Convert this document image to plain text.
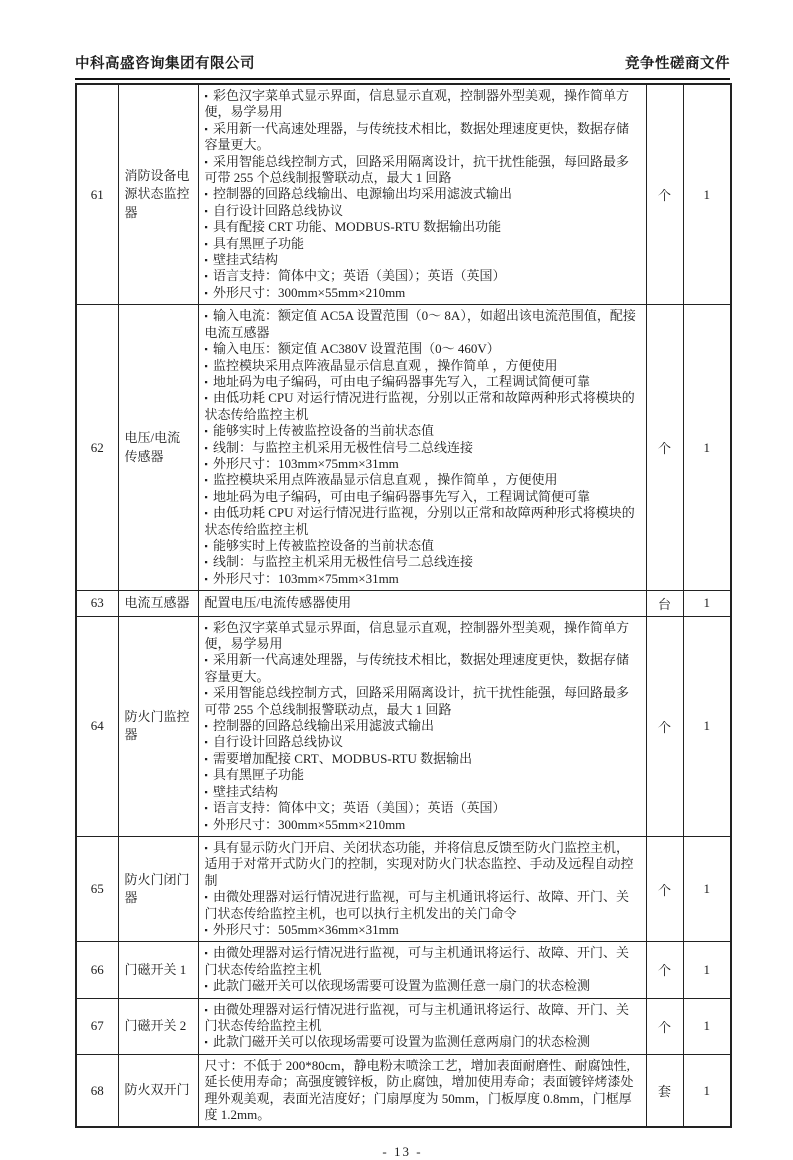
中科高盛咨询集团有限公司	竞争性磋商文件
61	消防设备电源状态监控器	
▪ 彩色汉字菜单式显示界面，信息显示直观，控制器外型美观，操作简单方便，易学易用
▪ 采用新一代高速处理器，与传统技术相比，数据处理速度更快，数据存储容量更大。
▪ 采用智能总线控制方式，回路采用隔离设计，抗干扰性能强，每回路最多可带 255 个总线制报警联动点，最大 1 回路
▪ 控制器的回路总线输出、电源输出均采用滤波式输出
▪ 自行设计回路总线协议
▪ 具有配接 CRT 功能、MODBUS-RTU 数据输出功能
▪ 具有黑匣子功能
▪ 壁挂式结构
▪ 语言支持：简体中文；英语（美国）；英语（英国）
▪ 外形尺寸：300mm×55mm×210mm
	个	1
62	电压/电流传感器	
▪ 输入电流：额定值 AC5A 设置范围（0～ 8A），如超出该电流范围值，配接电流互感器
▪ 输入电压：额定值 AC380V 设置范围（0～ 460V）
▪ 监控模块采用点阵液晶显示信息直观 ，操作简单 ，方便使用
▪ 地址码为电子编码，可由电子编码器事先写入，工程调试简便可靠
▪ 由低功耗 CPU 对运行情况进行监视，分别以正常和故障两种形式将模块的状态传给监控主机
▪ 能够实时上传被监控设备的当前状态值
▪ 线制：与监控主机采用无极性信号二总线连接
▪ 外形尺寸：103mm×75mm×31mm
▪ 监控模块采用点阵液晶显示信息直观 ，操作简单 ，方便使用
▪ 地址码为电子编码，可由电子编码器事先写入，工程调试简便可靠
▪ 由低功耗 CPU 对运行情况进行监视，分别以正常和故障两种形式将模块的状态传给监控主机
▪ 能够实时上传被监控设备的当前状态值
▪ 线制：与监控主机采用无极性信号二总线连接
▪ 外形尺寸：103mm×75mm×31mm
	个	1
63	电流互感器	配置电压/电流传感器使用	台	1
64	防火门监控器	
▪ 彩色汉字菜单式显示界面，信息显示直观，控制器外型美观，操作简单方便，易学易用
▪ 采用新一代高速处理器，与传统技术相比，数据处理速度更快，数据存储容量更大。
▪ 采用智能总线控制方式，回路采用隔离设计，抗干扰性能强，每回路最多可带 255 个总线制报警联动点，最大 1 回路
▪ 控制器的回路总线输出采用滤波式输出
▪ 自行设计回路总线协议
▪ 需要增加配接 CRT、MODBUS-RTU 数据输出
▪ 具有黑匣子功能
▪ 壁挂式结构
▪ 语言支持：简体中文；英语（美国）；英语（英国）
▪ 外形尺寸：300mm×55mm×210mm
	个	1
65	防火门闭门器	▪ 具有显示防火门开启、关闭状态功能，并将信息反馈至防火门监控主机，适用于对常开式防火门的控制，实现对防火门状态监控、手动及远程自动控制
▪ 由微处理器对运行情况进行监视，可与主机通讯将运行、故障、开门、关门状态传给监控主机，也可以执行主机发出的关门命令
▪ 外形尺寸：505mm×36mm×31mm	个	1
66	门磁开关 1	▪ 由微处理器对运行情况进行监视，可与主机通讯将运行、故障、开门、关门状态传给监控主机
▪ 此款门磁开关可以依现场需要可设置为监测任意一扇门的状态检测	个	1
67	门磁开关 2	▪ 由微处理器对运行情况进行监视，可与主机通讯将运行、故障、开门、关门状态传给监控主机
▪ 此款门磁开关可以依现场需要可设置为监测任意两扇门的状态检测	个	1
68	防火双开门	尺寸：不低于 200*80cm，静电粉末喷涂工艺，增加表面耐磨性、耐腐蚀性,延长使用寿命；高强度镀锌板，防止腐蚀，增加使用寿命；表面镀锌烤漆处理外观美观，表面光洁度好；门扇厚度为 50mm，门板厚度 0.8mm，门框厚度 1.2mm。	套	1
- 13 -
